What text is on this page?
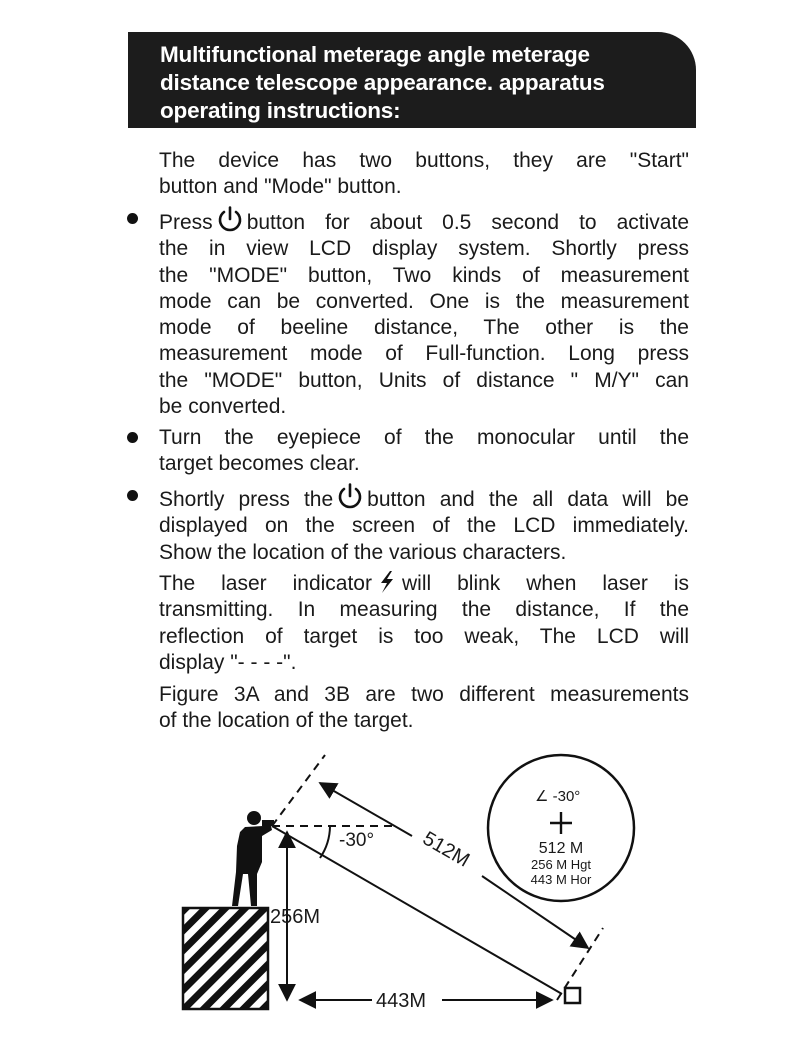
Multifunctional meterage angle meterage
distance telescope appearance. apparatus
operating instructions:
The device has two buttons, they are "Start"
button and "Mode" button.
Press button for about 0.5 second to activate
the in view LCD display system. Shortly press
the "MODE" button, Two kinds of measurement
mode can be converted. One is the measurement
mode of beeline distance, The other is the
measurement mode of Full-function. Long press
the "MODE" button, Units of distance " M/Y" can
be converted.
Turn the eyepiece of the monocular until the
target becomes clear.
Shortly press the button and the all data will be
displayed on the screen of the LCD immediately.
Show the location of the various characters.
The laser indicator will blink when laser is
transmitting. In measuring the distance, If the
reflection of target is too weak, The LCD will
display "- - - -".
Figure 3A and 3B are two different measurements
of the location of the target.
-30° 512M
256M
443M
∠ -30°
512 M
256 M Hgt
443 M Hor
